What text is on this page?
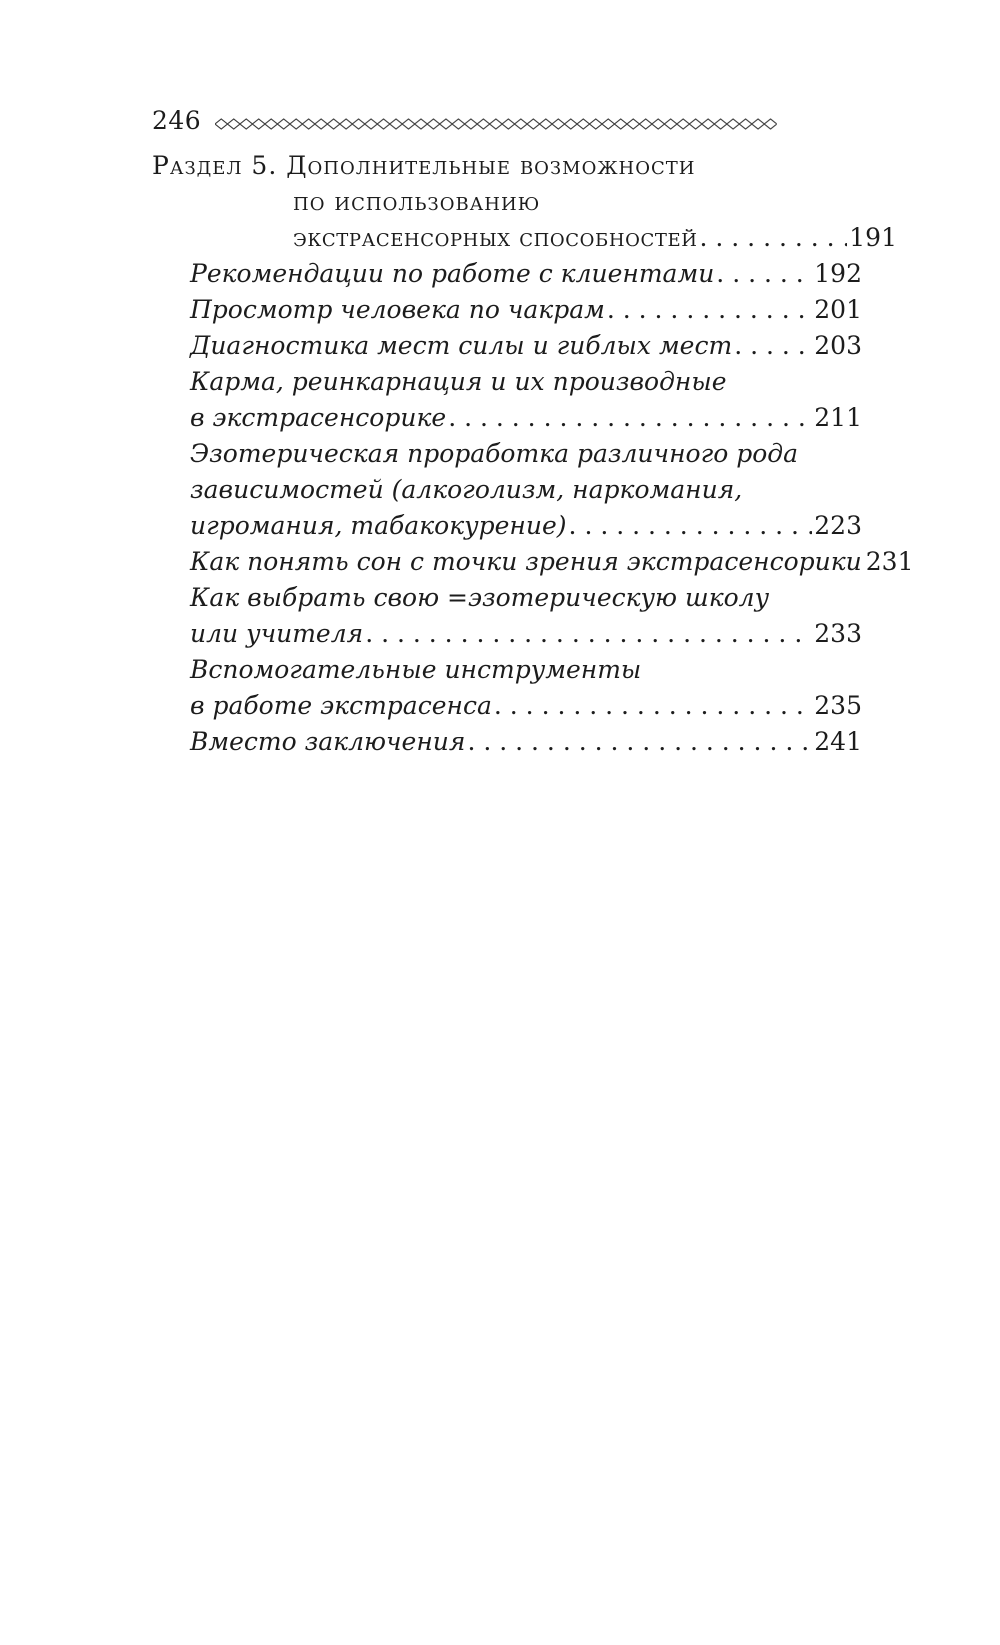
246
Раздел 5. Дополнительные возможности
по использованию
экстрасенсорных способностей . . .	191
Рекомендации по работе с клиентами . . .	192
Просмотр человека по чакрам . . .	201
Диагностика мест силы и гиблых мест . . .	203
Карма, реинкарнация и их производные
в экстрасенсорике . . .	211
Эзотерическая проработка различного рода
зависимостей (алкоголизм, наркомания,
игромания, табакокурение) . . .	223
Как понять сон с точки зрения экстрасенсорики 231
Как выбрать свою =эзотерическую школу
или учителя . . .	233
Вспомогательные инструменты
в работе экстрасенса . . .	235
Вместо заключения . . .	241
